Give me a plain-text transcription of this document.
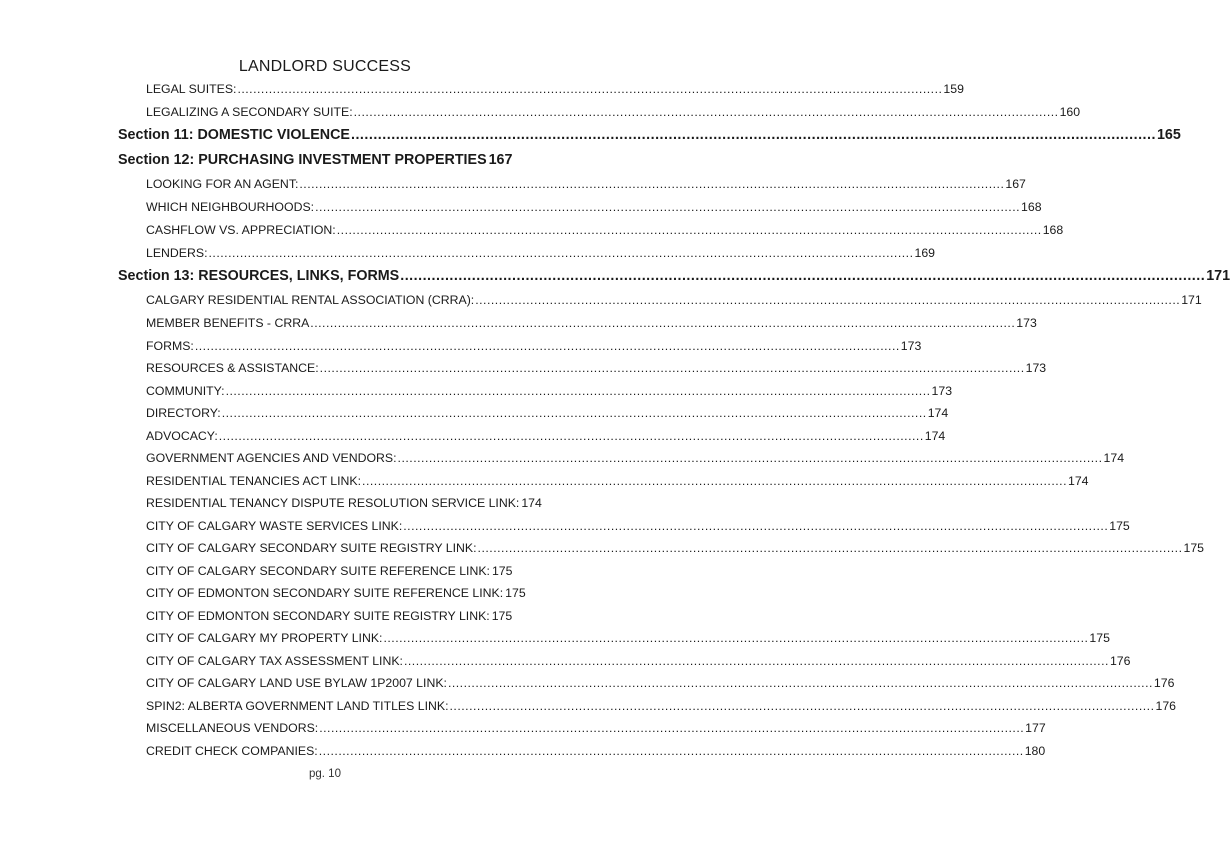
LANDLORD SUCCESS
LEGAL SUITES: .....	159
LEGALIZING A SECONDARY SUITE: .....	160
Section 11: DOMESTIC VIOLENCE .....	165
Section 12: PURCHASING INVESTMENT PROPERTIES 167
LOOKING FOR AN AGENT: .....	167
WHICH NEIGHBOURHOODS: .....	168
CASHFLOW VS. APPRECIATION: .....	168
LENDERS: .....	169
Section 13: RESOURCES, LINKS, FORMS .....	171
CALGARY RESIDENTIAL RENTAL ASSOCIATION (CRRA): .....	171
MEMBER BENEFITS - CRRA .....	173
FORMS: .....	173
RESOURCES & ASSISTANCE: .....	173
COMMUNITY: .....	173
DIRECTORY: .....	174
ADVOCACY: .....	174
GOVERNMENT AGENCIES AND VENDORS: .....	174
RESIDENTIAL TENANCIES ACT LINK: .....	174
RESIDENTIAL TENANCY DISPUTE RESOLUTION SERVICE LINK: 174
CITY OF CALGARY WASTE SERVICES LINK: .....	175
CITY OF CALGARY SECONDARY SUITE REGISTRY LINK: .....	175
CITY OF CALGARY SECONDARY SUITE REFERENCE LINK: 175
CITY OF EDMONTON SECONDARY SUITE REFERENCE LINK: 175
CITY OF EDMONTON SECONDARY SUITE REGISTRY LINK: 175
CITY OF CALGARY MY PROPERTY LINK: .....	175
CITY OF CALGARY TAX ASSESSMENT LINK: .....	176
CITY OF CALGARY LAND USE BYLAW 1P2007 LINK: .....	176
SPIN2: ALBERTA GOVERNMENT LAND TITLES LINK: .....	176
MISCELLANEOUS VENDORS: .....	177
CREDIT CHECK COMPANIES: .....	180
pg. 10
